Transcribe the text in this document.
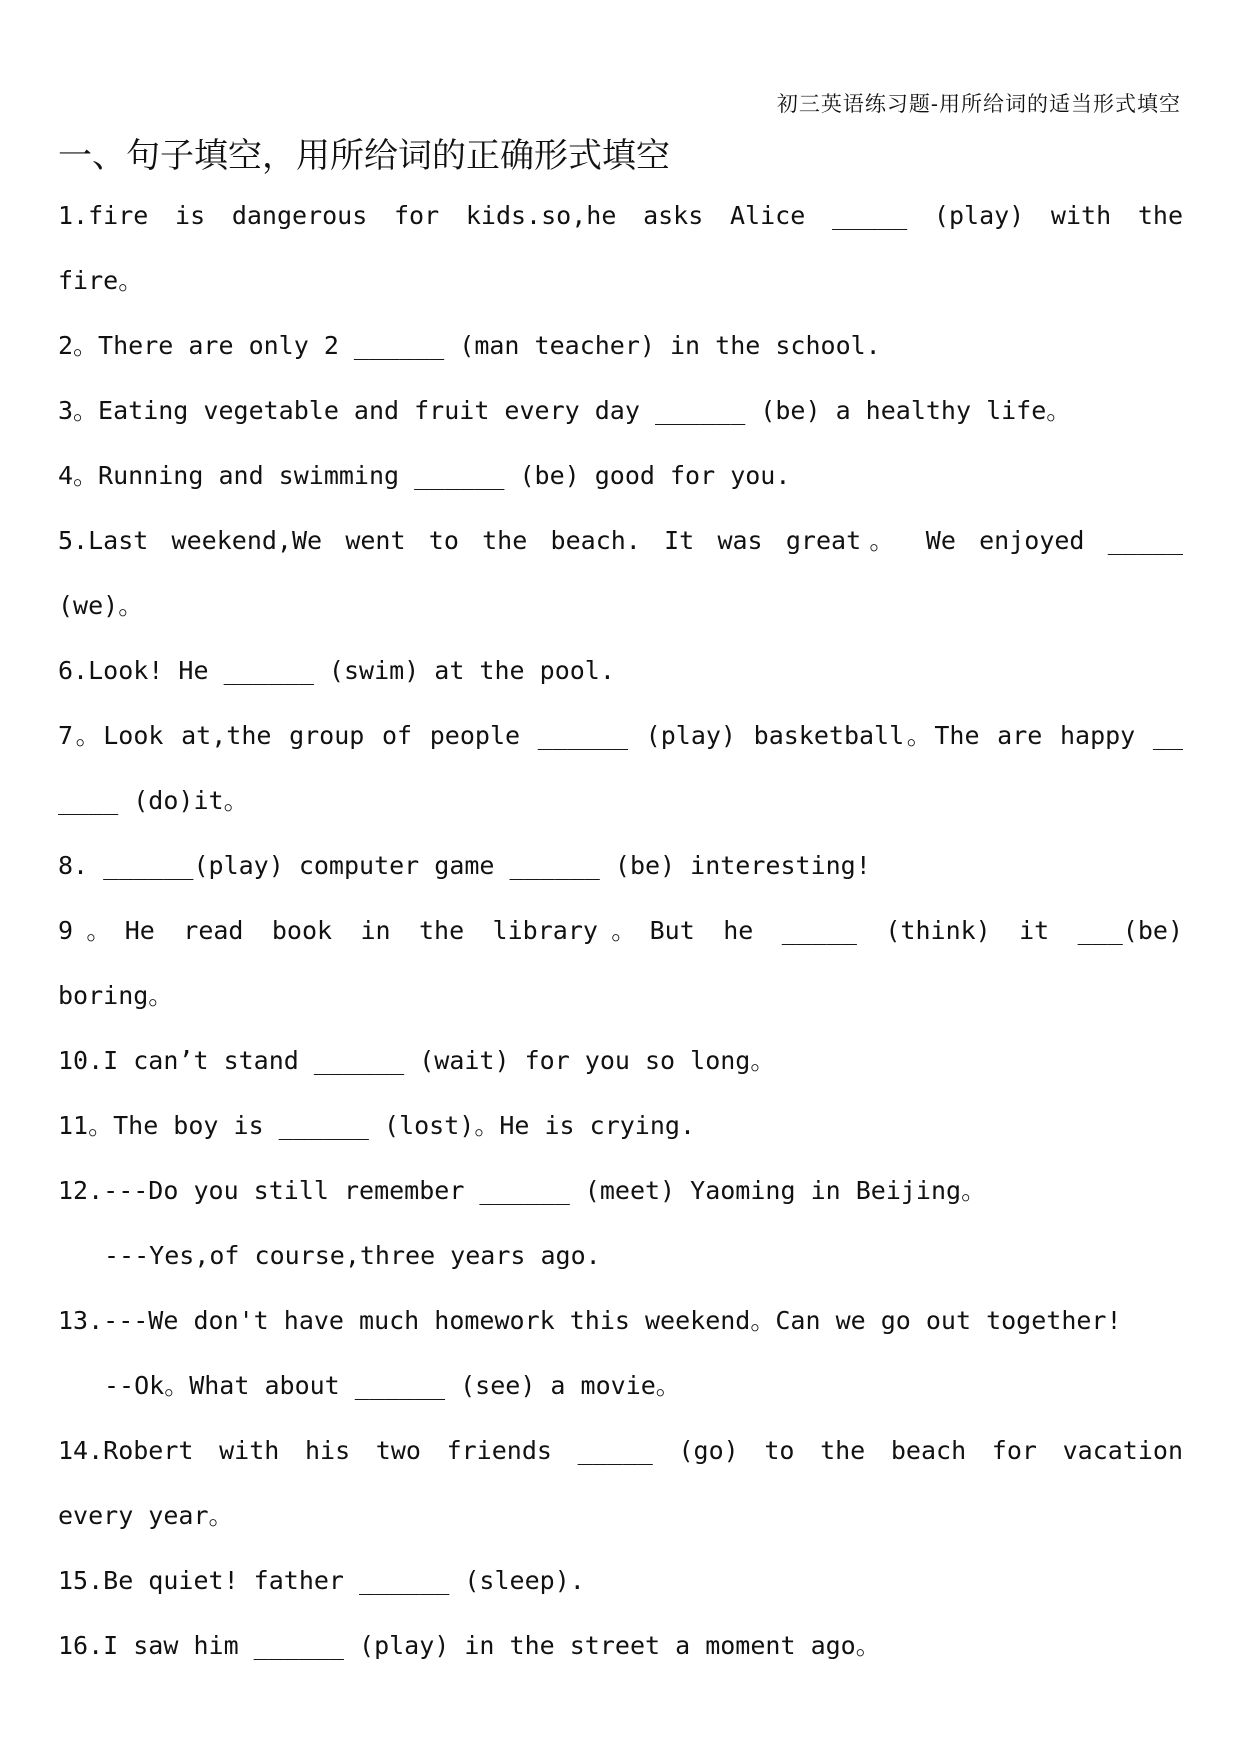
初三英语练习题-用所给词的适当形式填空
一、句子填空，用所给词的正确形式填空
1.fire is dangerous for kids.so,he asks Alice _____ (play) with the
fire。
2。There are only 2 ______ (man teacher) in the school.
3。Eating vegetable and fruit every day ______ (be) a healthy life。
4。Running and swimming ______ (be) good for you.
5.Last weekend,We went to the beach. It was great。 We enjoyed _____
(we)。
6.Look! He ______ (swim) at the pool.
7。Look at,the group of people ______ (play) basketball。The are happy __
____ (do)it。
8. ______(play) computer game ______ (be) interesting!
9。He read book in the library。But he _____ (think) it ___(be)
boring。
10.I can’t stand ______ (wait) for you so long。
11。The boy is ______ (lost)。He is crying.
12.---Do you still remember ______ (meet) Yaoming in Beijing。
---Yes,of course,three years ago.
13.---We don't have much homework this weekend。Can we go out together!
--Ok。What about ______ (see) a movie。
14.Robert with his two friends _____ (go) to the beach for vacation
every year。
15.Be quiet! father ______ (sleep).
16.I saw him ______ (play) in the street a moment ago。
